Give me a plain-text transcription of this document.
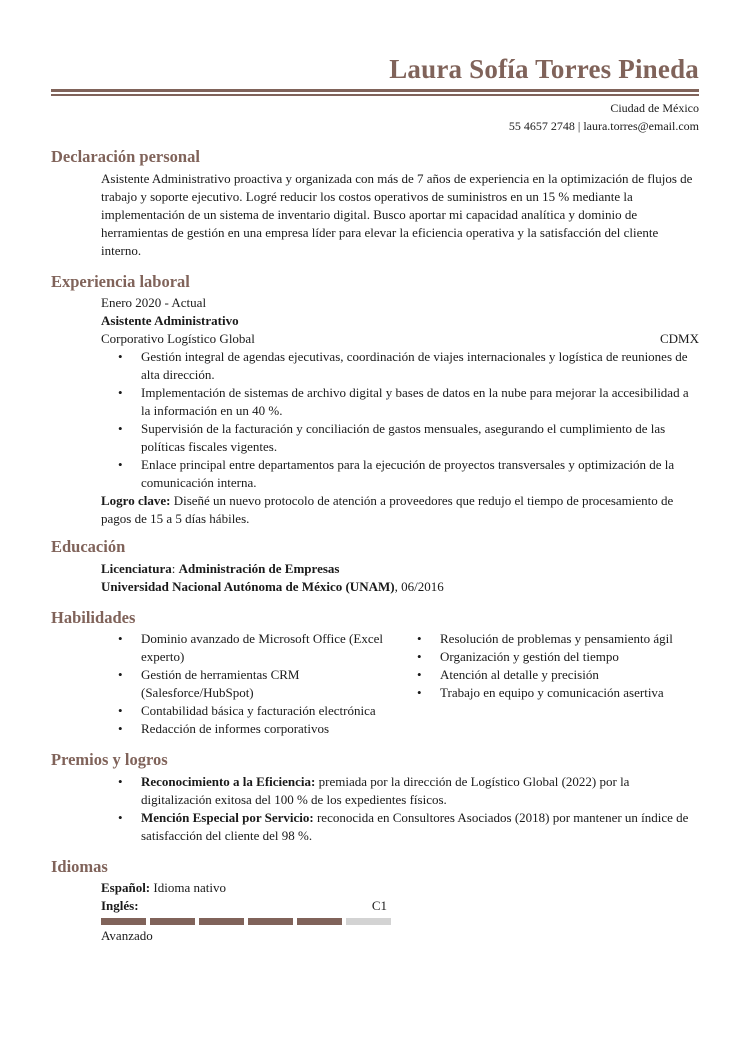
Laura Sofía Torres Pineda
Ciudad de México
55 4657 2748 | laura.torres@email.com
Declaración personal

Asistente Administrativo proactiva y organizada con más de 7 años de experiencia en la optimización de flujos de trabajo y soporte ejecutivo. Logré reducir los costos operativos de suministros en un 15 % mediante la implementación de un sistema de inventario digital. Busco aportar mi capacidad analítica y dominio de herramientas de gestión en una empresa líder para elevar la eficiencia operativa y la satisfacción del cliente interno.

Experiencia laboral

Enero 2020 - Actual

Asistente Administrativo

Corporativo Logístico Global	CDMX
• Gestión integral de agendas ejecutivas, coordinación de viajes internacionales y logística de reuniones de alta dirección.
• Implementación de sistemas de archivo digital y bases de datos en la nube para mejorar la accesibilidad a la información en un 40 %.
• Supervisión de la facturación y conciliación de gastos mensuales, asegurando el cumplimiento de las políticas fiscales vigentes.
• Enlace principal entre departamentos para la ejecución de proyectos transversales y optimización de la comunicación interna.

Logro clave: Diseñé un nuevo protocolo de atención a proveedores que redujo el tiempo de procesamiento de pagos de 15 a 5 días hábiles.

Educación

Licenciatura: Administración de Empresas

Universidad Nacional Autónoma de México (UNAM), 06/2016

Habilidades
• Dominio avanzado de Microsoft Office (Excel experto)
• Gestión de herramientas CRM (Salesforce/HubSpot)
• Contabilidad básica y facturación electrónica
• Redacción de informes corporativos
• Resolución de problemas y pensamiento ágil
• Organización y gestión del tiempo
• Atención al detalle y precisión
• Trabajo en equipo y comunicación asertiva
Premios y logros
• Reconocimiento a la Eficiencia: premiada por la dirección de Logístico Global (2022) por la digitalización exitosa del 100 % de los expedientes físicos.
• Mención Especial por Servicio: reconocida en Consultores Asociados (2018) por mantener un índice de satisfacción del cliente del 98 %.
Idiomas

Español: Idioma nativo

Inglés:	C1

Avanzado
